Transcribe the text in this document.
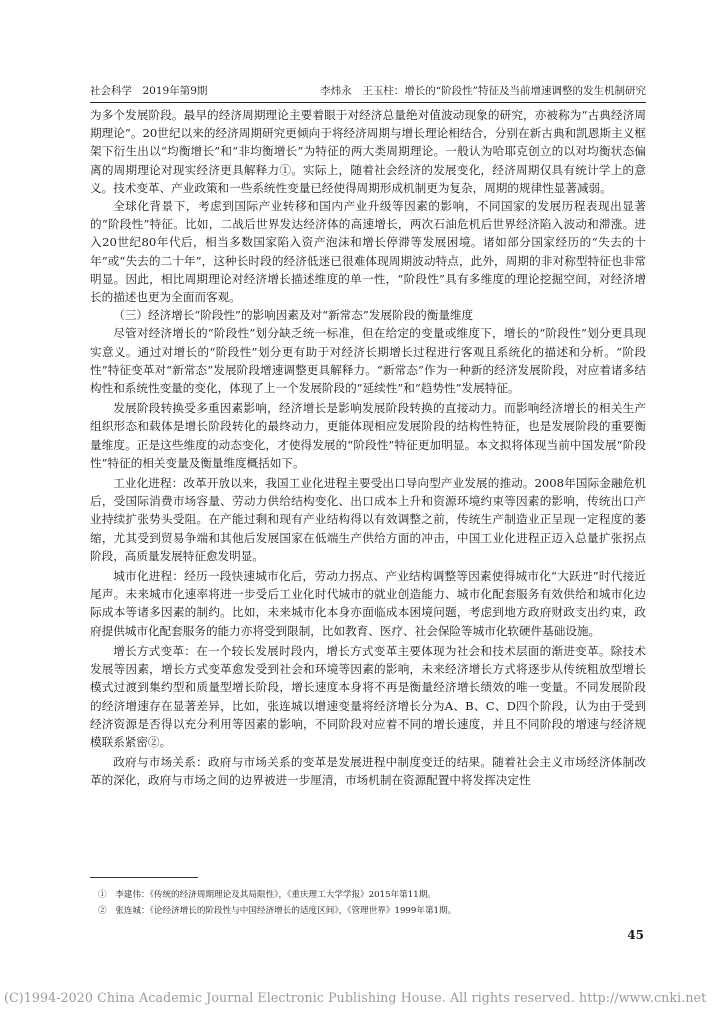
社会科学　2019年第9期	李炜永　王玉柱：增长的“阶段性”特征及当前增速调整的发生机制研究

为多个发展阶段。最早的经济周期理论主要着眼于对经济总量绝对值波动现象的研究，亦被称为“古典经济周期理论”。20世纪以来的经济周期研究更倾向于将经济周期与增长理论相结合，分别在新古典和凯恩斯主义框架下衍生出以“均衡增长”和“非均衡增长”为特征的两大类周期理论。一般认为哈耶克创立的以对均衡状态偏离的周期理论对现实经济更具解释力①。实际上，随着社会经济的发展变化，经济周期仅具有统计学上的意义。技术变革、产业政策和一些系统性变量已经使得周期形成机制更为复杂，周期的规律性显著减弱。

全球化背景下，考虑到国际产业转移和国内产业升级等因素的影响，不同国家的发展历程表现出显著的“阶段性”特征。比如，二战后世界发达经济体的高速增长，两次石油危机后世界经济陷入波动和滞涨。进入20世纪80年代后，相当多数国家陷入资产泡沫和增长停滞等发展困境。诸如部分国家经历的“失去的十年”或“失去的二十年”，这种长时段的经济低迷已很难体现周期波动特点，此外，周期的非对称型特征也非常明显。因此，相比周期理论对经济增长描述维度的单一性，“阶段性”具有多维度的理论挖掘空间，对经济增长的描述也更为全面而客观。

（三）经济增长“阶段性”的影响因素及对“新常态”发展阶段的衡量维度

尽管对经济增长的“阶段性”划分缺乏统一标准，但在给定的变量或维度下，增长的“阶段性”划分更具现实意义。通过对增长的“阶段性”划分更有助于对经济长期增长过程进行客观且系统化的描述和分析。“阶段性”特征变革对“新常态”发展阶段增速调整更具解释力。“新常态”作为一种新的经济发展阶段，对应着诸多结构性和系统性变量的变化，体现了上一个发展阶段的“延续性”和“趋势性”发展特征。

发展阶段转换受多重因素影响，经济增长是影响发展阶段转换的直接动力。而影响经济增长的相关生产组织形态和载体是增长阶段转化的最终动力，更能体现相应发展阶段的结构性特征，也是发展阶段的重要衡量维度。正是这些维度的动态变化，才使得发展的“阶段性”特征更加明显。本文拟将体现当前中国发展“阶段性”特征的相关变量及衡量维度概括如下。

工业化进程：改革开放以来，我国工业化进程主要受出口导向型产业发展的推动。2008年国际金融危机后，受国际消费市场容量、劳动力供给结构变化、出口成本上升和资源环境约束等因素的影响，传统出口产业持续扩张势头受阻。在产能过剩和现有产业结构得以有效调整之前，传统生产制造业正呈现一定程度的萎缩，尤其受到贸易争端和其他后发展国家在低端生产供给方面的冲击，中国工业化进程正迈入总量扩张拐点阶段，高质量发展特征愈发明显。

城市化进程：经历一段快速城市化后，劳动力拐点、产业结构调整等因素使得城市化“大跃进”时代接近尾声。未来城市化速率将进一步受后工业化时代城市的就业创造能力、城市化配套服务有效供给和城市化边际成本等诸多因素的制约。比如，未来城市化本身亦面临成本困境问题，考虑到地方政府财政支出约束，政府提供城市化配套服务的能力亦将受到限制，比如教育、医疗、社会保险等城市化软硬件基础设施。

增长方式变革：在一个较长发展时段内，增长方式变革主要体现为社会和技术层面的渐进变革。除技术发展等因素，增长方式变革愈发受到社会和环境等因素的影响，未来经济增长方式将逐步从传统粗放型增长模式过渡到集约型和质量型增长阶段，增长速度本身将不再是衡量经济增长绩效的唯一变量。不同发展阶段的经济增速存在显著差异，比如，张连城以增速变量将经济增长分为A、B、C、D四个阶段，认为由于受到经济资源是否得以充分利用等因素的影响，不同阶段对应着不同的增长速度，并且不同阶段的增速与经济规模联系紧密②。

政府与市场关系：政府与市场关系的变革是发展进程中制度变迁的结果。随着社会主义市场经济体制改革的深化，政府与市场之间的边界被进一步厘清，市场机制在资源配置中将发挥决定性

①　李建伟：《传统的经济周期理论及其局限性》，《重庆理工大学学报》2015年第11期。
②　张连城：《论经济增长的阶段性与中国经济增长的适度区间》，《管理世界》1999年第1期。
45
(C)1994-2020 China Academic Journal Electronic Publishing House. All rights reserved. http://www.cnki.net
